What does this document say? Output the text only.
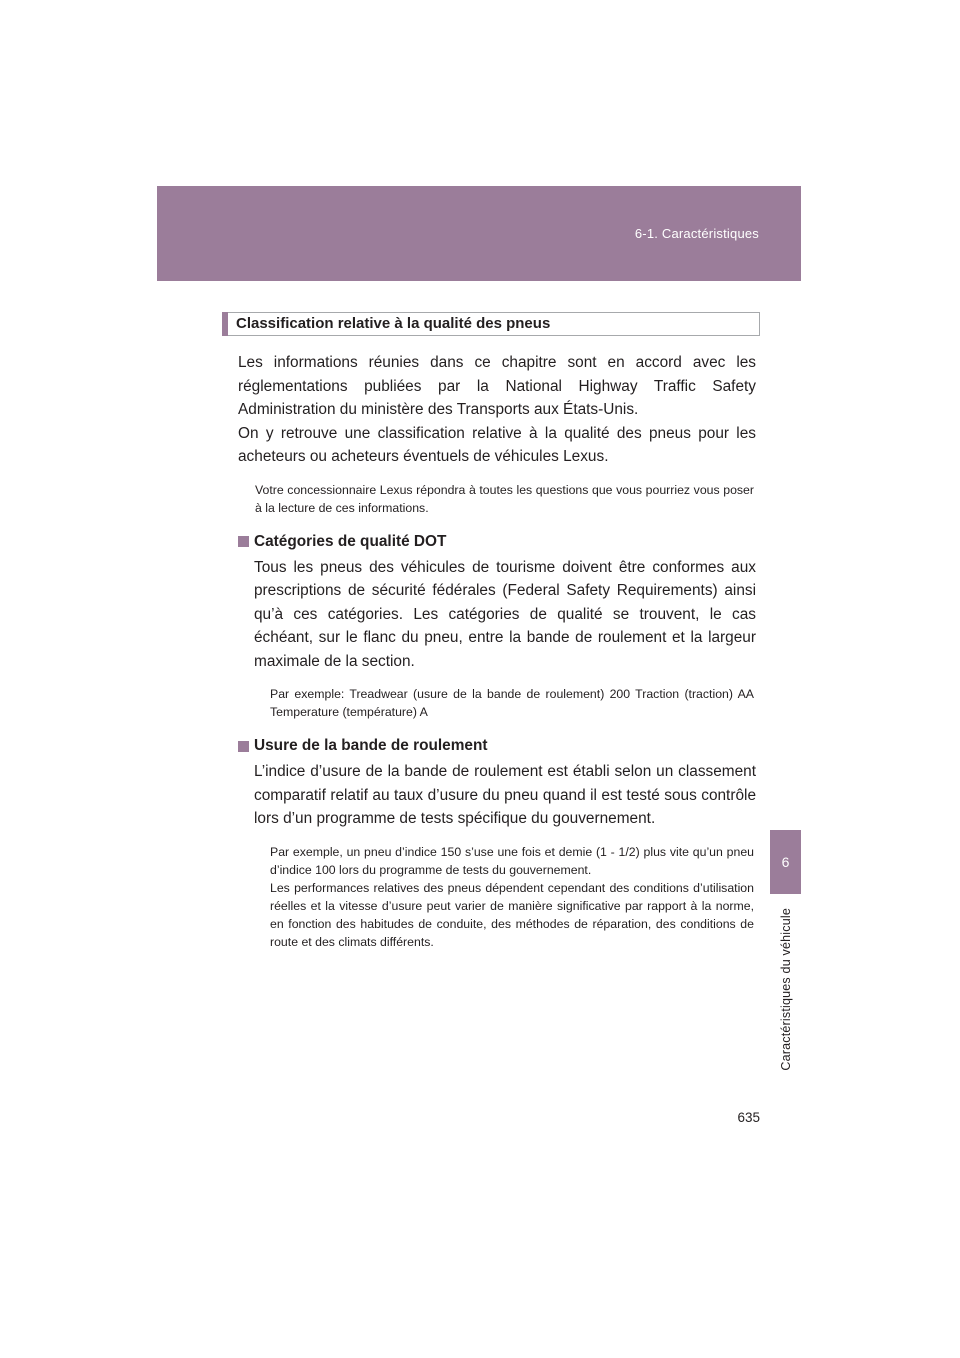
6-1. Caractéristiques
6
Caractéristiques du véhicule
Classification relative à la qualité des pneus

Les informations réunies dans ce chapitre sont en accord avec les réglementations publiées par la National Highway Traffic Safety Administration du ministère des Transports aux États-Unis.

On y retrouve une classification relative à la qualité des pneus pour les acheteurs ou acheteurs éventuels de véhicules Lexus.

Votre concessionnaire Lexus répondra à toutes les questions que vous pourriez vous poser à la lecture de ces informations.

Catégories de qualité DOT
Tous les pneus des véhicules de tourisme doivent être conformes aux prescriptions de sécurité fédérales (Federal Safety Requirements) ainsi qu’à ces catégories. Les catégories de qualité se trouvent, le cas échéant, sur le flanc du pneu, entre la bande de roulement et la largeur maximale de la section.

Par exemple: Treadwear (usure de la bande de roulement) 200 Traction (traction) AA Temperature (température) A

Usure de la bande de roulement
L’indice d’usure de la bande de roulement est établi selon un classement comparatif relatif au taux d’usure du pneu quand il est testé sous contrôle lors d’un programme de tests spécifique du gouvernement.

Par exemple, un pneu d’indice 150 s’use une fois et demie (1 - 1/2) plus vite qu’un pneu d’indice 100 lors du programme de tests du gouvernement.

Les performances relatives des pneus dépendent cependant des conditions d’utilisation réelles et la vitesse d’usure peut varier de manière significative par rapport à la norme, en fonction des habitudes de conduite, des méthodes de réparation, des conditions de route et des climats différents.

635
